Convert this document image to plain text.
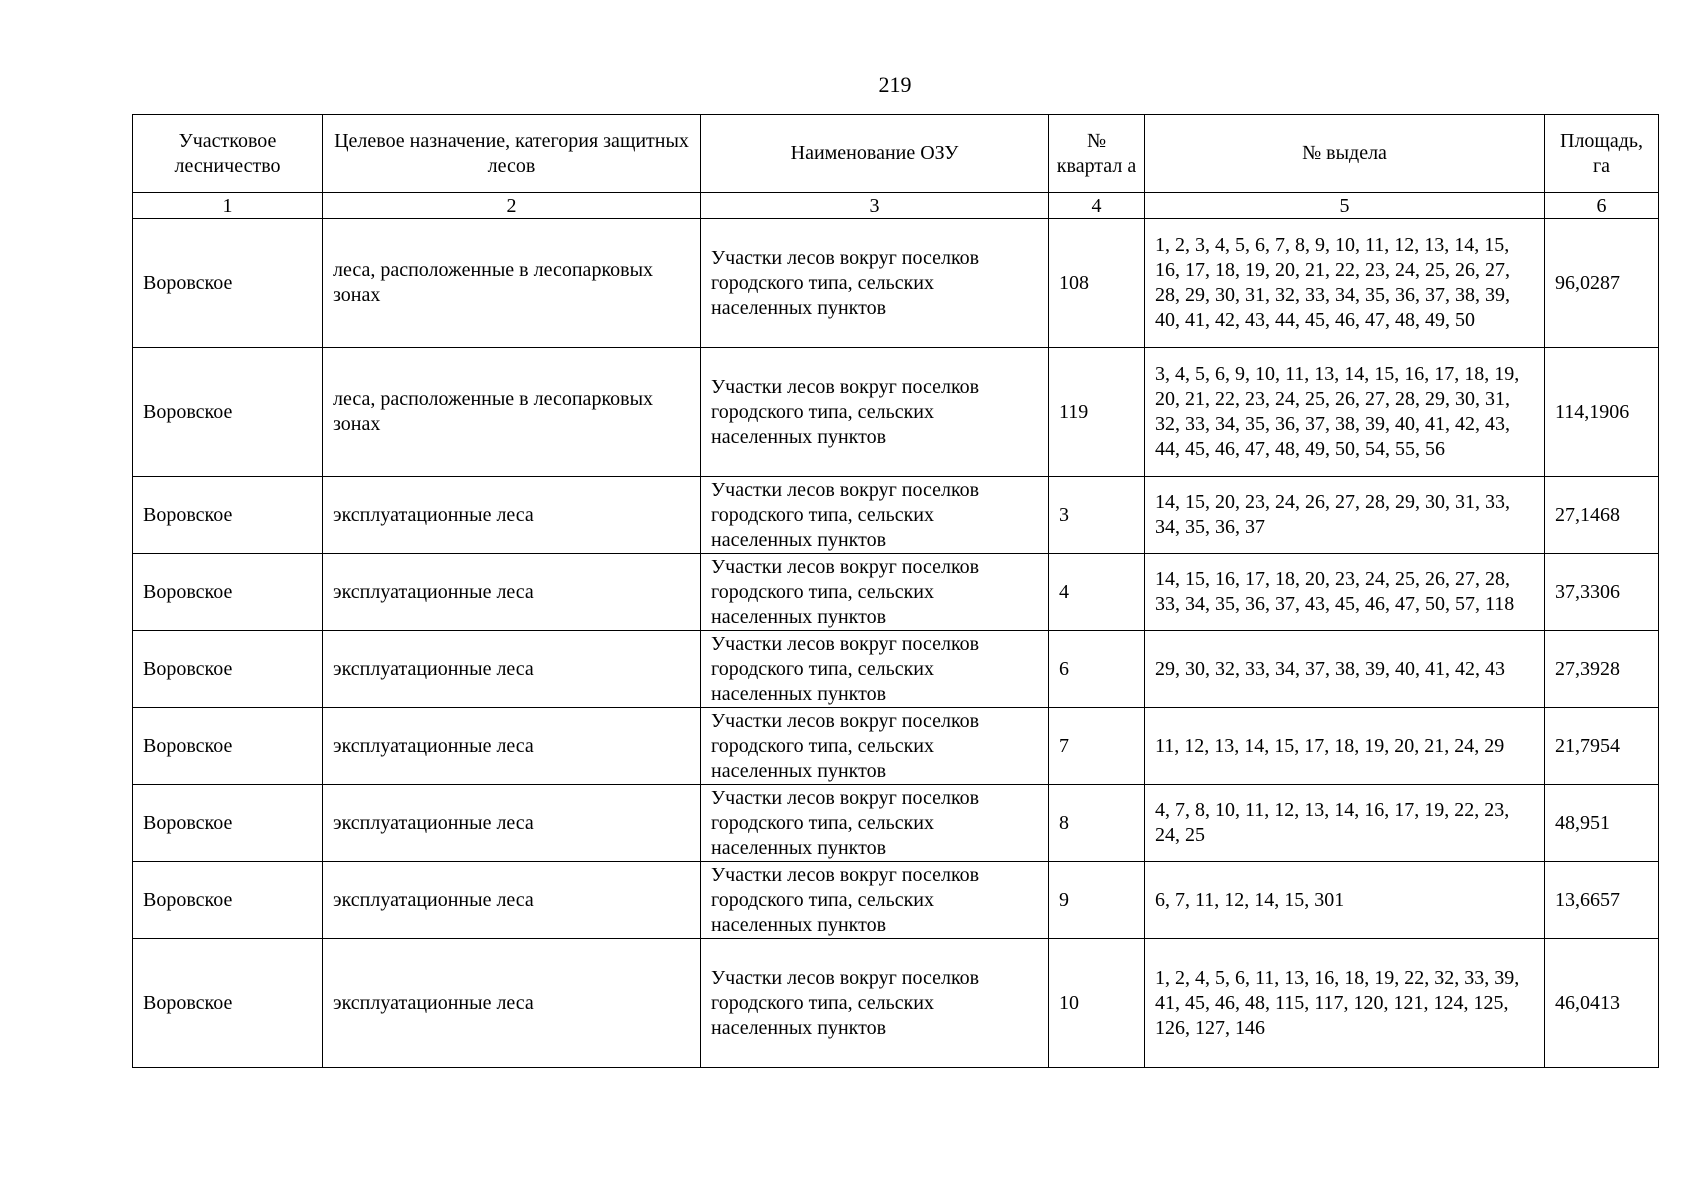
219
Участковое лесничество	Целевое назначение, категория защитных лесов	Наименование ОЗУ	№ квартал а	№ выдела	Площадь, га
1	2	3	4	5	6
Воровское	леса, расположенные в лесопарковых зонах	Участки лесов вокруг поселков городского типа, сельских населенных пунктов	108	1, 2, 3, 4, 5, 6, 7, 8, 9, 10, 11, 12, 13, 14, 15, 16, 17, 18, 19, 20, 21, 22, 23, 24, 25, 26, 27, 28, 29, 30, 31, 32, 33, 34, 35, 36, 37, 38, 39, 40, 41, 42, 43, 44, 45, 46, 47, 48, 49, 50	96,0287
Воровское	леса, расположенные в лесопарковых зонах	Участки лесов вокруг поселков городского типа, сельских населенных пунктов	119	3, 4, 5, 6, 9, 10, 11, 13, 14, 15, 16, 17, 18, 19, 20, 21, 22, 23, 24, 25, 26, 27, 28, 29, 30, 31, 32, 33, 34, 35, 36, 37, 38, 39, 40, 41, 42, 43, 44, 45, 46, 47, 48, 49, 50, 54, 55, 56	114,1906
Воровское	эксплуатационные леса	Участки лесов вокруг поселков городского типа, сельских населенных пунктов	3	14, 15, 20, 23, 24, 26, 27, 28, 29, 30, 31, 33, 34, 35, 36, 37	27,1468
Воровское	эксплуатационные леса	Участки лесов вокруг поселков городского типа, сельских населенных пунктов	4	14, 15, 16, 17, 18, 20, 23, 24, 25, 26, 27, 28, 33, 34, 35, 36, 37, 43, 45, 46, 47, 50, 57, 118	37,3306
Воровское	эксплуатационные леса	Участки лесов вокруг поселков городского типа, сельских населенных пунктов	6	29, 30, 32, 33, 34, 37, 38, 39, 40, 41, 42, 43	27,3928
Воровское	эксплуатационные леса	Участки лесов вокруг поселков городского типа, сельских населенных пунктов	7	11, 12, 13, 14, 15, 17, 18, 19, 20, 21, 24, 29	21,7954
Воровское	эксплуатационные леса	Участки лесов вокруг поселков городского типа, сельских населенных пунктов	8	4, 7, 8, 10, 11, 12, 13, 14, 16, 17, 19, 22, 23, 24, 25	48,951
Воровское	эксплуатационные леса	Участки лесов вокруг поселков городского типа, сельских населенных пунктов	9	6, 7, 11, 12, 14, 15, 301	13,6657
Воровское	эксплуатационные леса	Участки лесов вокруг поселков городского типа, сельских населенных пунктов	10	1, 2, 4, 5, 6, 11, 13, 16, 18, 19, 22, 32, 33, 39, 41, 45, 46, 48, 115, 117, 120, 121, 124, 125, 126, 127, 146	46,0413
